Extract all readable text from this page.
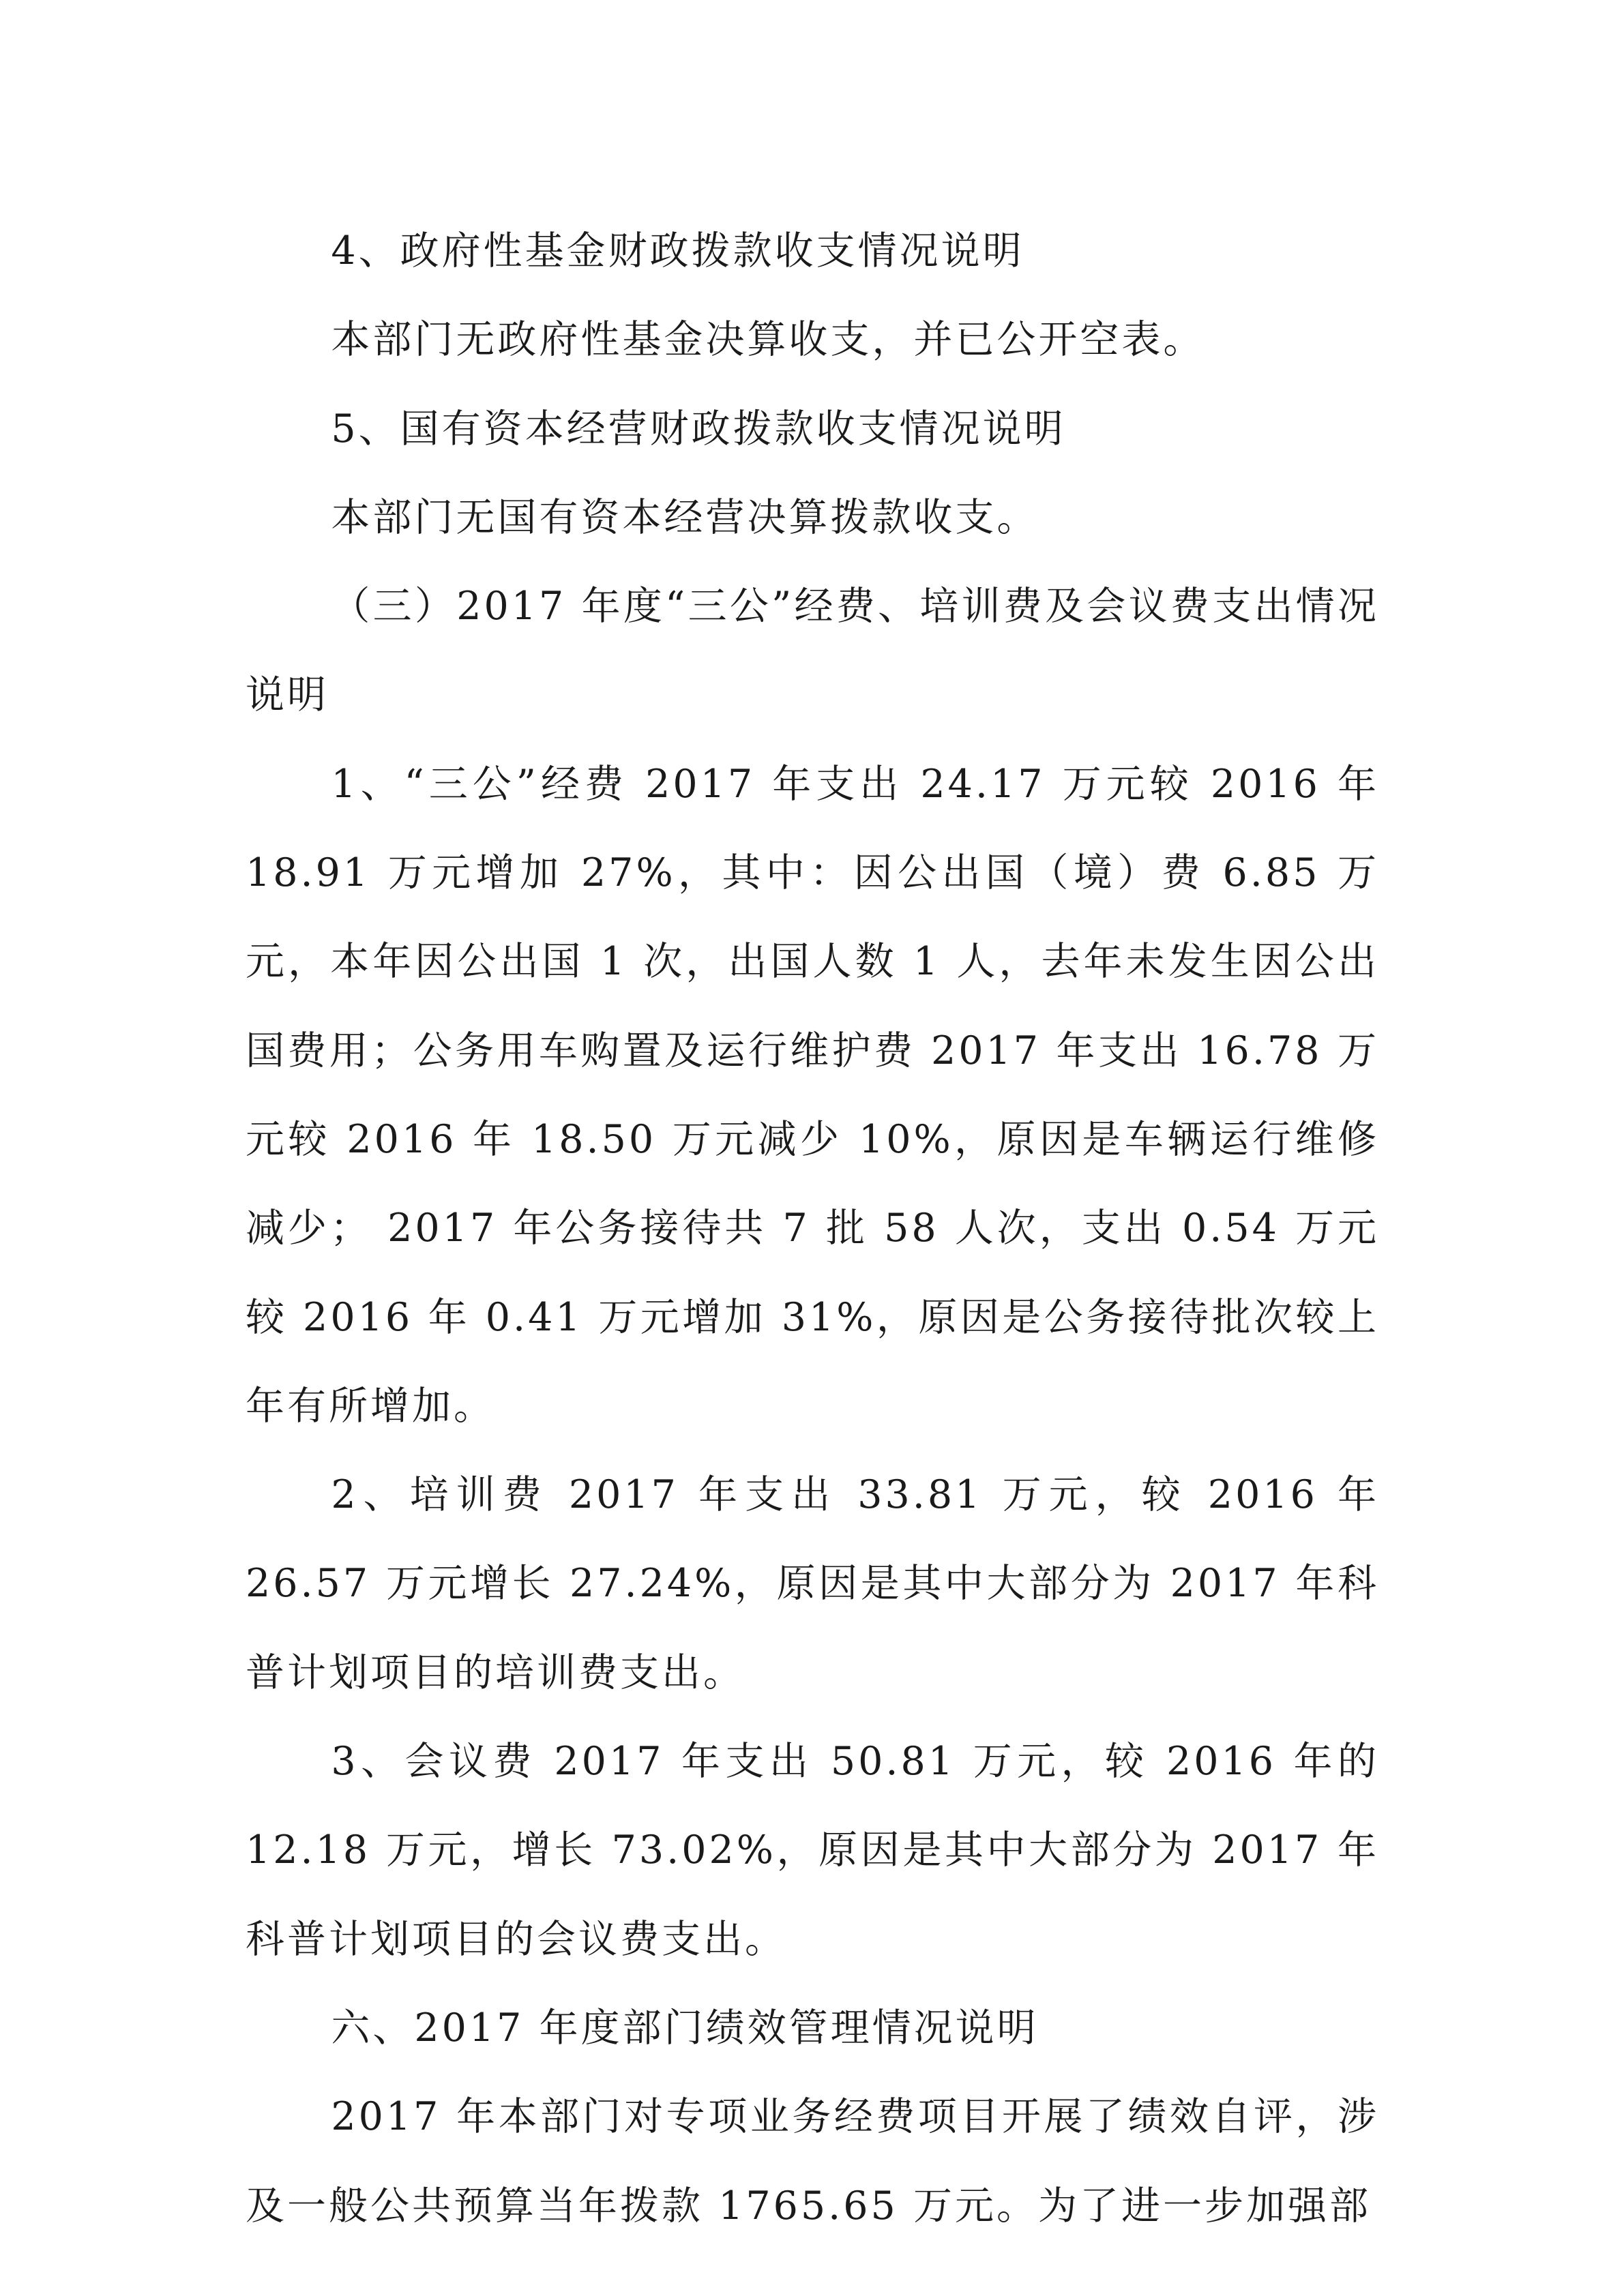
4、政府性基金财政拨款收支情况说明

本部门无政府性基金决算收支，并已公开空表。

5、国有资本经营财政拨款收支情况说明

本部门无国有资本经营决算拨款收支。

（三）2017 年度“三公”经费、培训费及会议费支出情况说明

1、“三公”经费 2017 年支出 24.17 万元较 2016 年 18.91 万元增加 27%，其中：因公出国（境）费 6.85 万元，本年因公出国 1 次，出国人数 1 人，去年未发生因公出国费用；公务用车购置及运行维护费 2017 年支出 16.78 万元较 2016 年 18.50 万元减少 10%，原因是车辆运行维修减少； 2017 年公务接待共 7 批 58 人次，支出 0.54 万元较 2016 年 0.41 万元增加 31%，原因是公务接待批次较上年有所增加。

2、培训费 2017 年支出 33.81 万元，较 2016 年 26.57 万元增长 27.24%，原因是其中大部分为 2017 年科普计划项目的培训费支出。

3、会议费 2017 年支出 50.81 万元，较 2016 年的 12.18 万元，增长 73.02%，原因是其中大部分为 2017 年科普计划项目的会议费支出。

六、2017 年度部门绩效管理情况说明

2017 年本部门对专项业务经费项目开展了绩效自评，涉及一般公共预算当年拨款 1765.65 万元。为了进一步加强部
